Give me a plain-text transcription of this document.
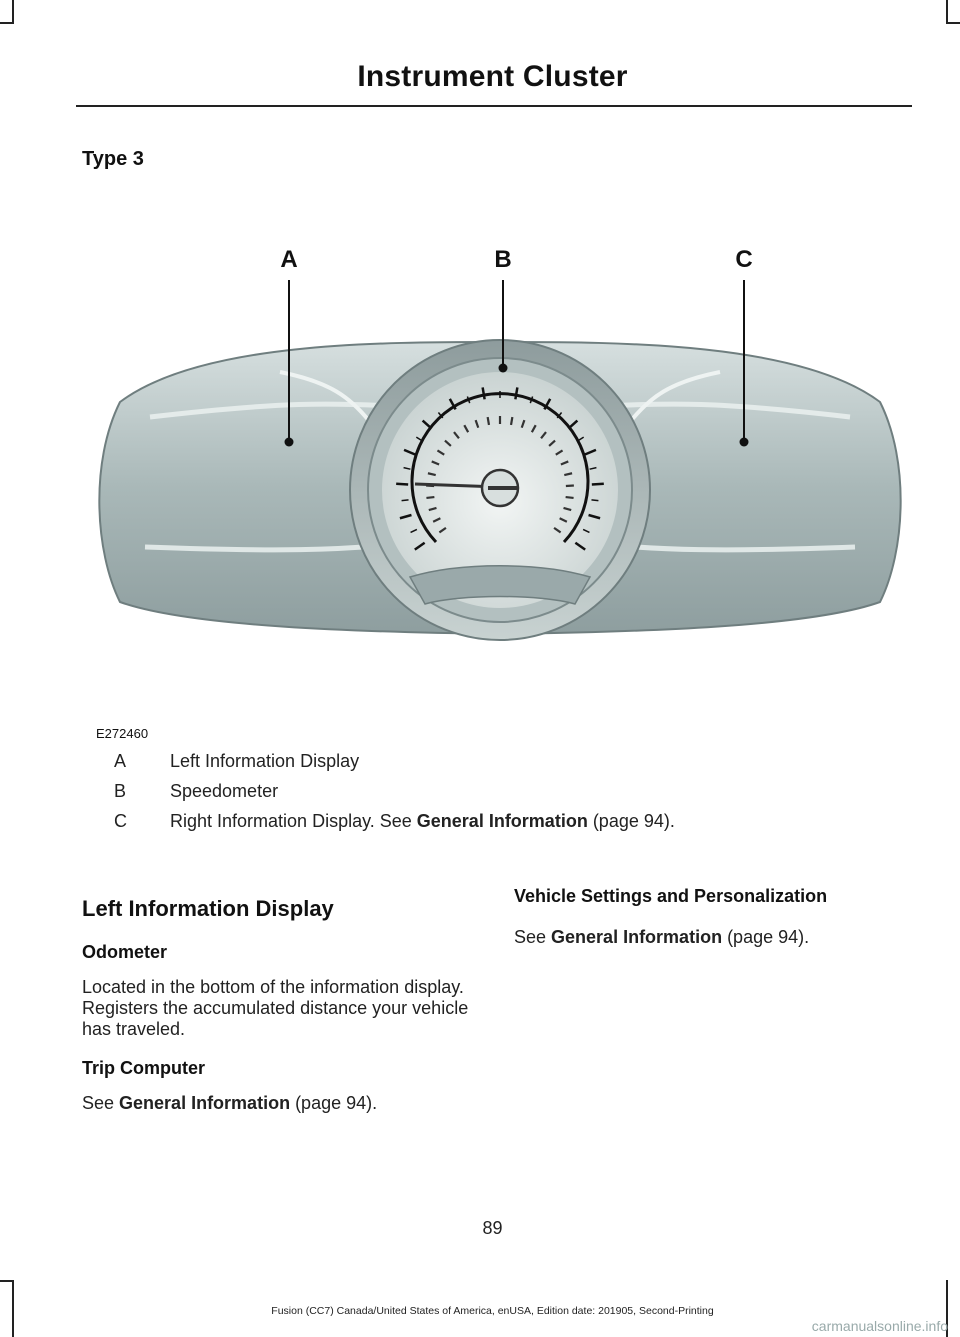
Instrument Cluster
Type 3
A	B	C
E272460
A	Left Information Display
B	Speedometer
C	Right Information Display. See General Information (page 94).
Left Information Display
Odometer

Located in the bottom of the information display. Registers the accumulated distance your vehicle has traveled.

Trip Computer

See General Information (page 94).

Vehicle Settings and Personalization

See General Information (page 94).

89
Fusion (CC7) Canada/United States of America, enUSA, Edition date: 201905, Second-Printing
carmanualsonline.info
